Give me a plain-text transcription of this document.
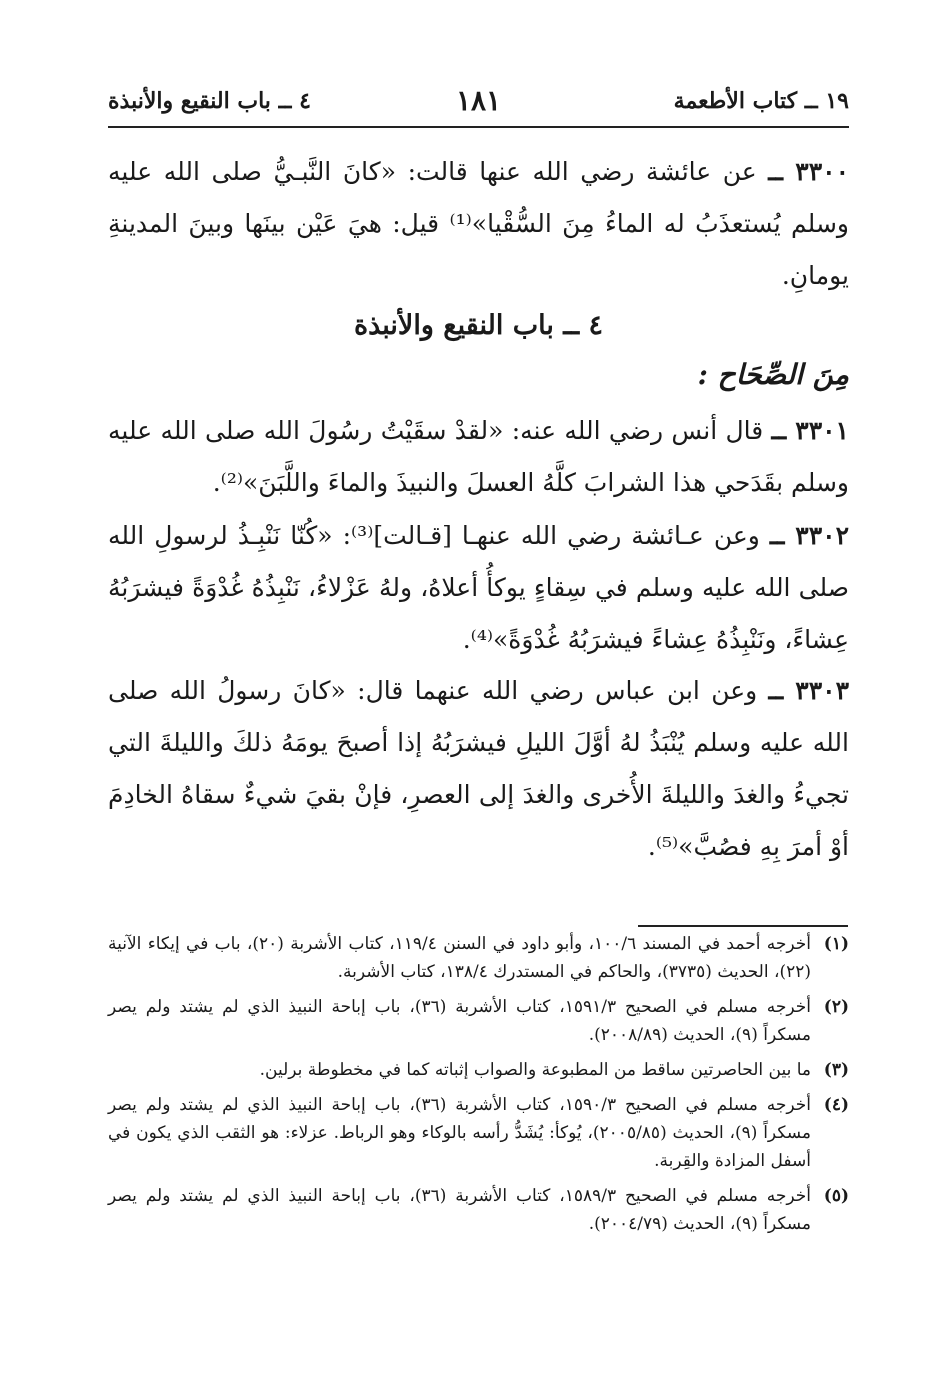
١٩ ــ كتاب الأطعمة
١٨١
٤ ــ باب النقيع والأنبذة

٣٣٠٠ ــ عن عائشة رضي الله عنها قالت: «كانَ النَّبـيُّ صلى الله عليه وسلم يُستعذَبُ له الماءُ مِنَ السُّقْيا»⁽¹⁾ قيل: هيَ عَيْن بينَها وبينَ المدينةِ يومانِ.

٤ ــ باب النقيع والأنبذة
مِنَ الصِّحَاح :

٣٣٠١ ــ قال أنس رضي الله عنه: «لقدْ سقَيْتُ رسُولَ الله صلى الله عليه وسلم بقَدَحي هذا الشرابَ كلَّهُ العسلَ والنبيذَ والماءَ واللَّبَنَ»⁽²⁾.

٣٣٠٢ ــ وعن عـائشة رضي الله عنهـا [قـالت]⁽³⁾: «كُنّا نَنْبِـذُ لرسولِ الله صلى الله عليه وسلم في سِقاءٍ يوكأُ أعلاهُ، ولهُ عَزْلاءُ، نَنْبِذُهُ غُدْوَةً فيشرَبُهُ عِشاءً، ونَنْبِذُهُ عِشاءً فيشرَبُهُ غُدْوَةً»⁽⁴⁾.

٣٣٠٣ ــ وعن ابن عباس رضي الله عنهما قال: «كانَ رسولُ الله صلى الله عليه وسلم يُنْبَذُ لهُ أوَّلَ الليلِ فيشرَبُهُ إذا أصبحَ يومَهُ ذلكَ والليلةَ التي تجيءُ والغدَ والليلةَ الأُخرى والغدَ إلى العصرِ، فإنْ بقيَ شيءٌ سقاهُ الخادِمَ أوْ أمرَ بِهِ فصُبَّ»⁽⁵⁾.

(١)
أخرجه أحمد في المسند ١٠٠/٦، وأبو داود في السنن ١١٩/٤، كتاب الأشربة (٢٠)، باب في إيكاء الآنية (٢٢)، الحديث (٣٧٣٥)، والحاكم في المستدرك ١٣٨/٤، كتاب الأشربة.
(٢)
أخرجه مسلم في الصحيح ١٥٩١/٣، كتاب الأشربة (٣٦)، باب إباحة النبيذ الذي لم يشتد ولم يصر مسكراً (٩)، الحديث (٢٠٠٨/٨٩).
(٣)
ما بين الحاصرتين ساقط من المطبوعة والصواب إثباته كما في مخطوطة برلين.
(٤)
أخرجه مسلم في الصحيح ١٥٩٠/٣، كتاب الأشربة (٣٦)، باب إباحة النبيذ الذي لم يشتد ولم يصر مسكراً (٩)، الحديث (٢٠٠٥/٨٥)، يُوكأ: يُشَدُّ رأسه بالوكاء وهو الرباط. عزلاء: هو الثقب الذي يكون في أسفل المزادة والقِربة.
(٥)
أخرجه مسلم في الصحيح ١٥٨٩/٣، كتاب الأشربة (٣٦)، باب إباحة النبيذ الذي لم يشتد ولم يصر مسكراً (٩)، الحديث (٢٠٠٤/٧٩).
